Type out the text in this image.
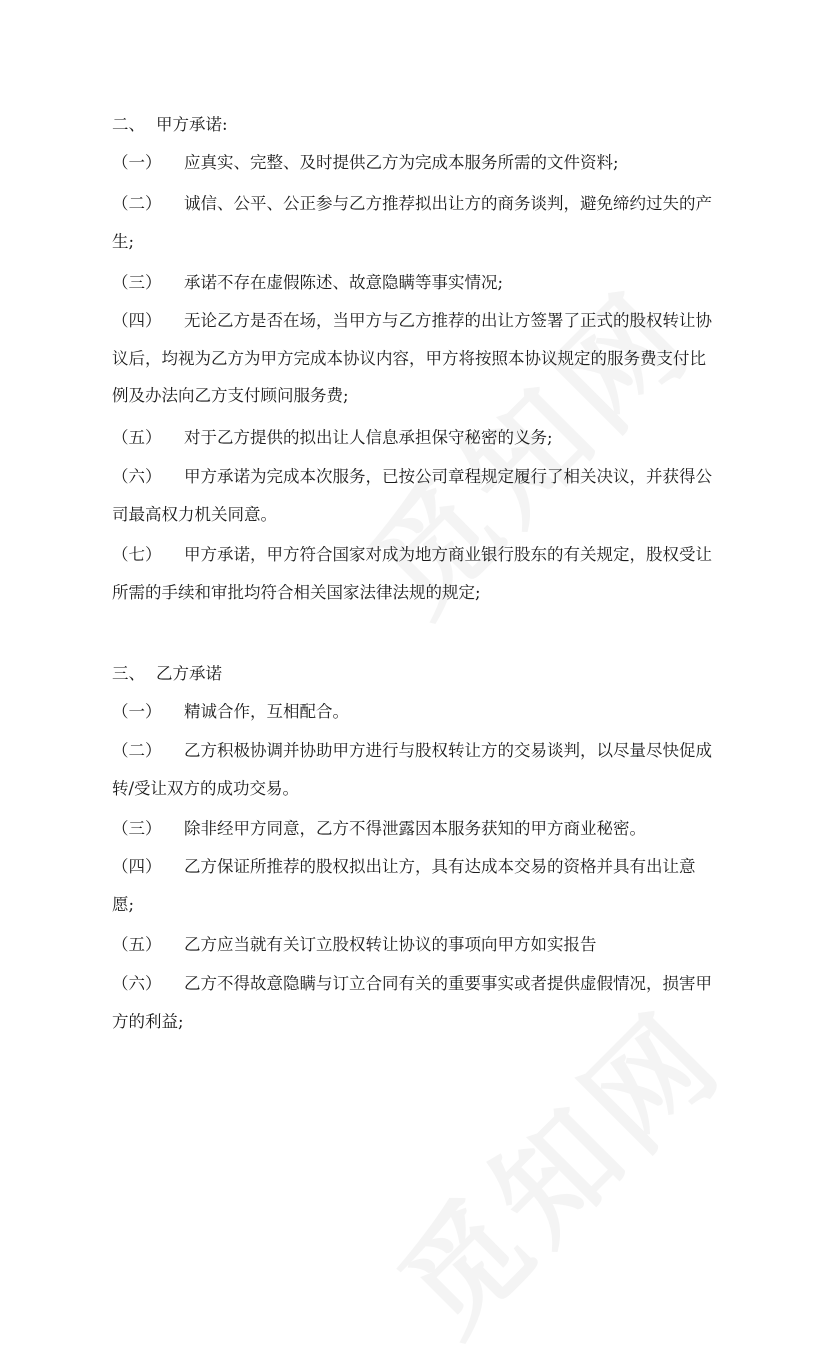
二、 甲方承诺:
（一） 应真实、完整、及时提供乙方为完成本服务所需的文件资料;
（二） 诚信、公平、公正参与乙方推荐拟出让方的商务谈判，避免缔约过失的产生;
（三） 承诺不存在虚假陈述、故意隐瞒等事实情况;
（四） 无论乙方是否在场，当甲方与乙方推荐的出让方签署了正式的股权转让协议后，均视为乙方为甲方完成本协议内容，甲方将按照本协议规定的服务费支付比例及办法向乙方支付顾问服务费;
（五） 对于乙方提供的拟出让人信息承担保守秘密的义务;
（六） 甲方承诺为完成本次服务，已按公司章程规定履行了相关决议，并获得公司最高权力机关同意。
（七） 甲方承诺，甲方符合国家对成为地方商业银行股东的有关规定，股权受让所需的手续和审批均符合相关国家法律法规的规定;
三、 乙方承诺
（一） 精诚合作，互相配合。
（二） 乙方积极协调并协助甲方进行与股权转让方的交易谈判，以尽量尽快促成转/受让双方的成功交易。
（三） 除非经甲方同意，乙方不得泄露因本服务获知的甲方商业秘密。
（四） 乙方保证所推荐的股权拟出让方，具有达成本交易的资格并具有出让意愿;
（五） 乙方应当就有关订立股权转让协议的事项向甲方如实报告
（六） 乙方不得故意隐瞒与订立合同有关的重要事实或者提供虚假情况，损害甲方的利益;
